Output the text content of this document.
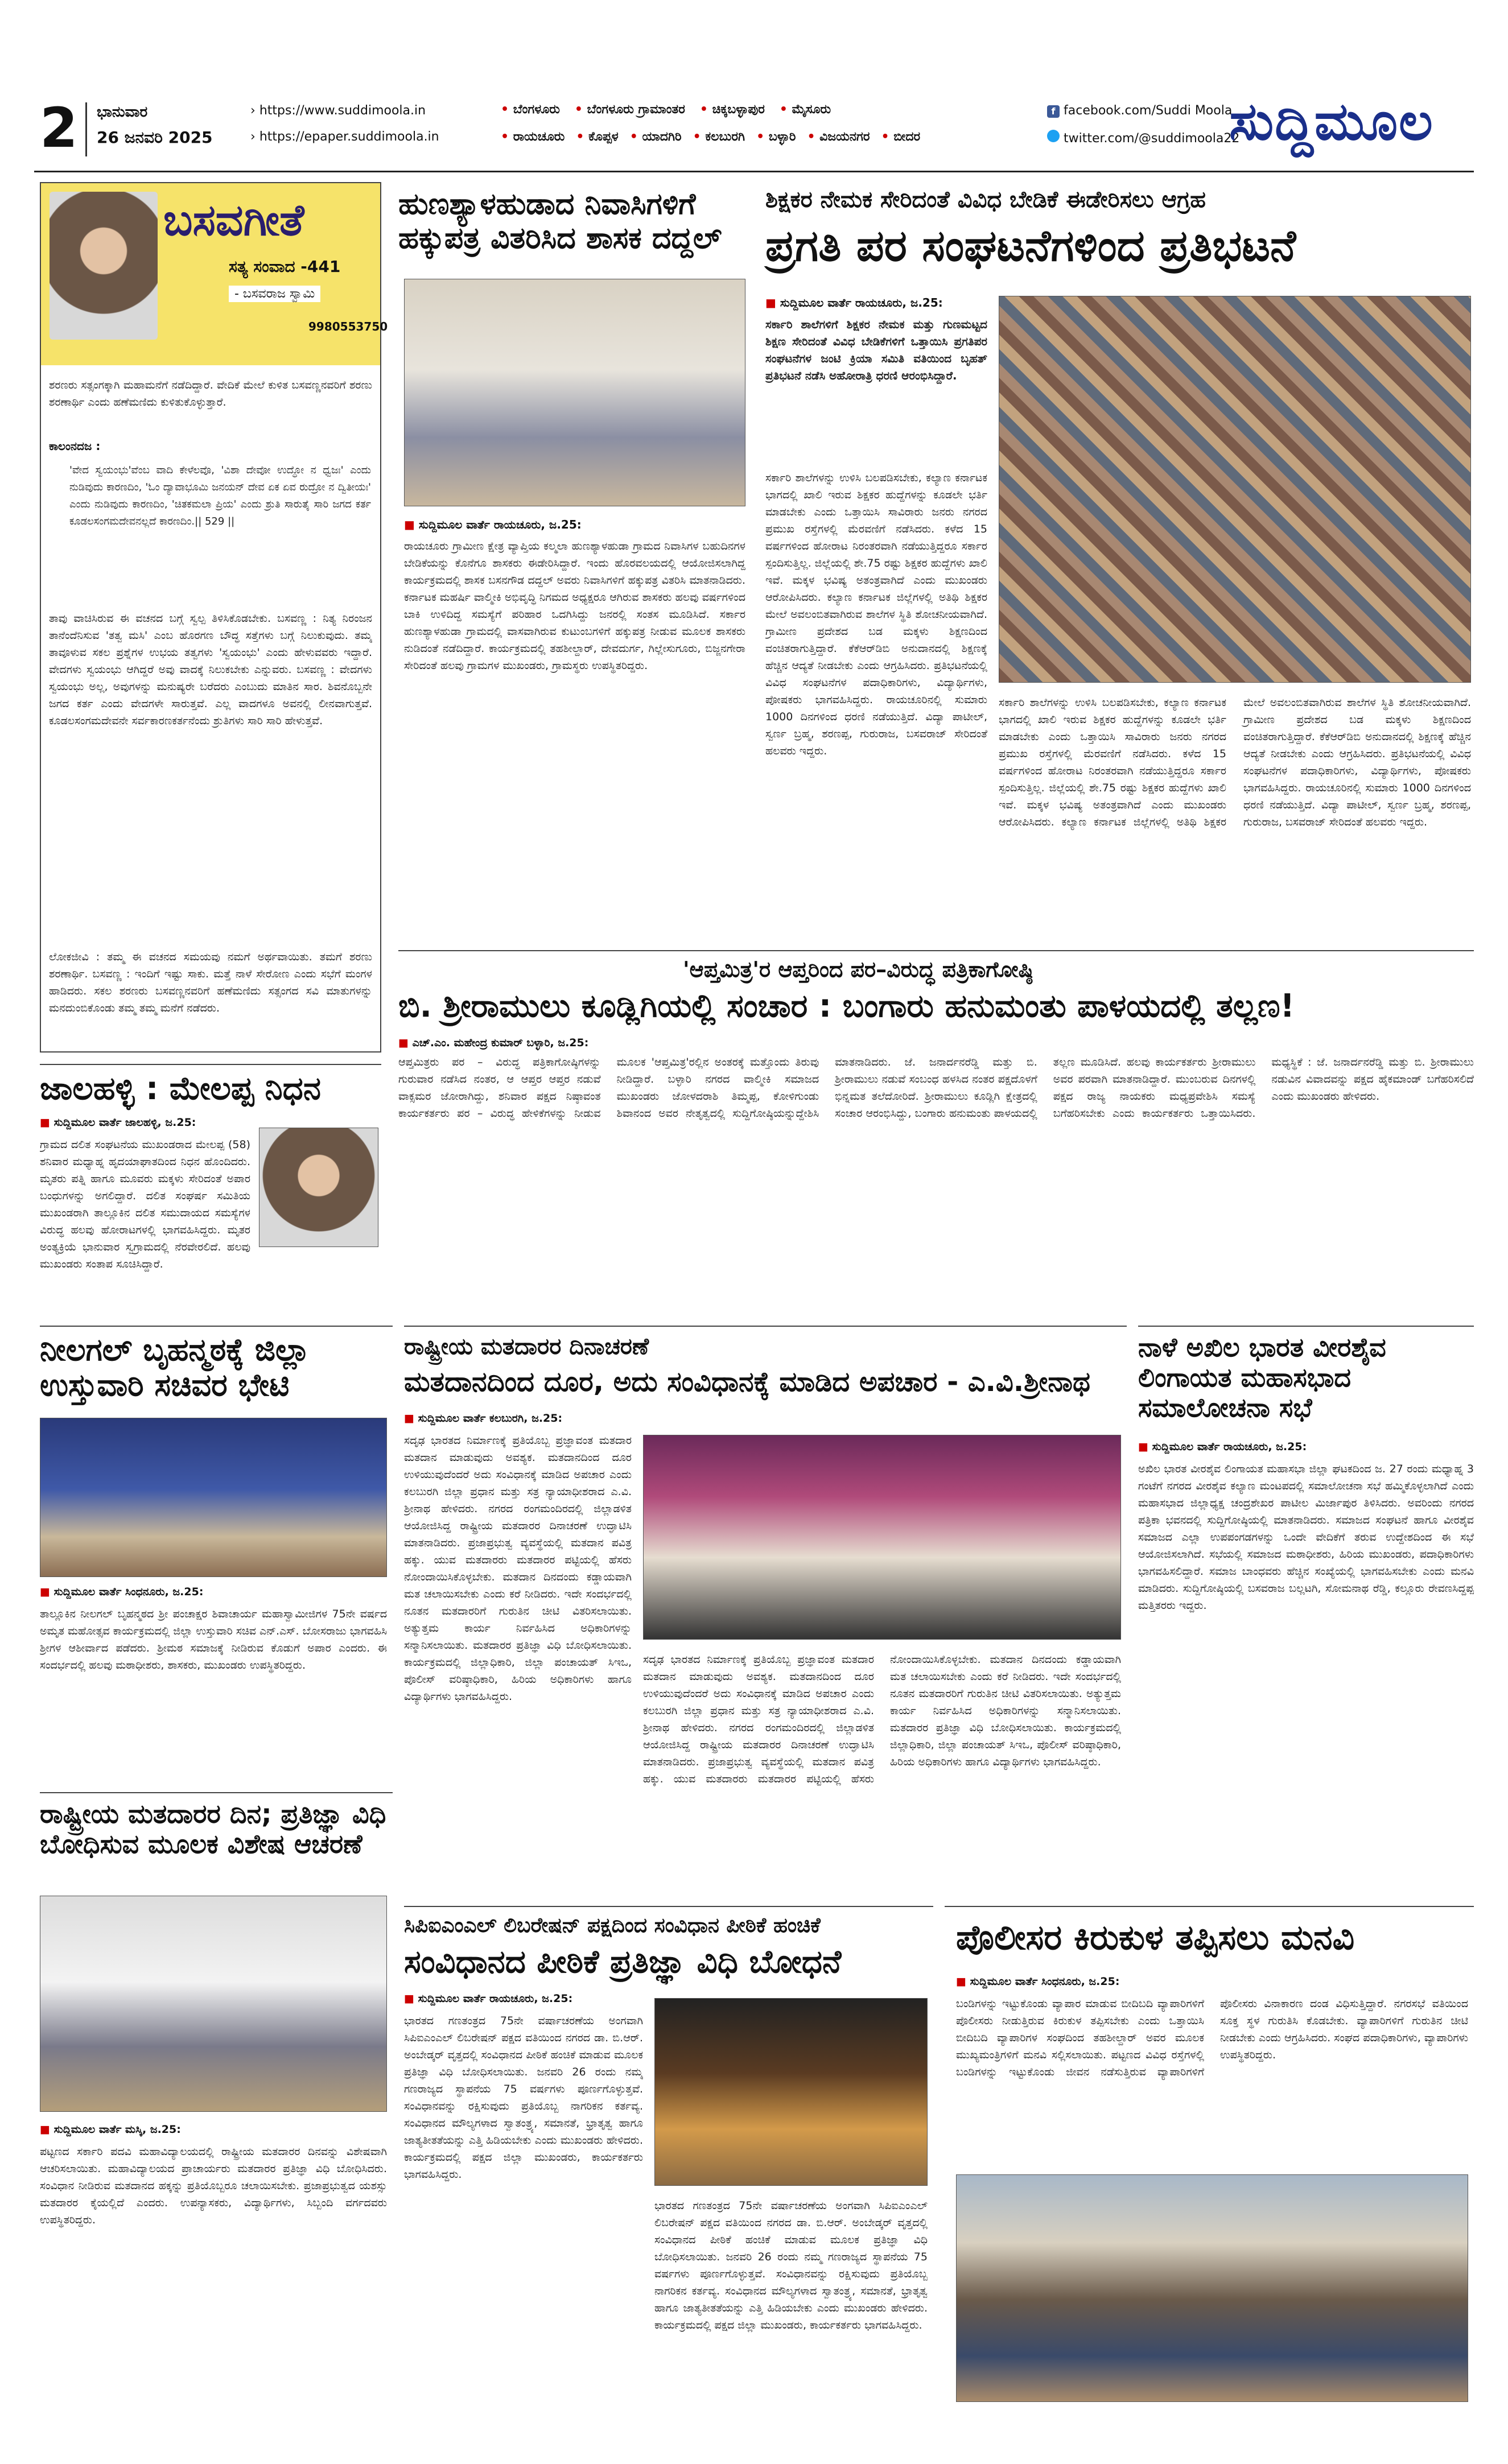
2 ಭಾನುವಾರ
26 ಜನವರಿ 2025
› https://www.suddimoola.in
› https://epaper.suddimoola.in
• ಬೆಂಗಳೂರು • ಬೆಂಗಳೂರು ಗ್ರಾಮಾಂತರ • ಚಿಕ್ಕಬಳ್ಳಾಪುರ • ಮೈಸೂರು
• ರಾಯಚೂರು • ಕೊಪ್ಪಳ • ಯಾದಗಿರಿ • ಕಲಬುರಗಿ • ಬಳ್ಳಾರಿ • ವಿಜಯನಗರ • ಬೀದರ
f facebook.com/Suddi Moola
twitter.com/@suddimoola22
ಸುದ್ದಿಮೂಲ
ಬಸವಗೀತೆ
ಸತ್ಯ ಸಂವಾದ -441
- ಬಸವರಾಜ ಸ್ವಾಮಿ
9980553750
ಶರಣರು ಸತ್ಸಂಗಕ್ಕಾಗಿ ಮಹಾಮನೆಗೆ ನಡೆದಿದ್ದಾರೆ. ವೇದಿಕೆ ಮೇಲೆ ಕುಳಿತ ಬಸವಣ್ಣನವರಿಗೆ ಶರಣು ಶರಣಾರ್ಥಿ ಎಂದು ಹಣೆಮಣಿದು ಕುಳಿತುಕೊಳ್ಳುತ್ತಾರೆ.
ಕಾಲಂನದಜ :
'ವೇದ ಸ್ವಯಂಭು'ವೆಂಬ ವಾದಿ ಕೇಳೆಲವೊ, 'ವಿಶಾ ದೇವೋ ಉದ್ಧೋ ನ ಧ್ವಜಃ' ಎಂದು ನುಡಿವುದು ಕಾರಣದಿಂ, 'ಓಂ ದ್ಯಾವಾಭೂಮಿ ಜನಯನ್ ದೇವ ಏಕ ಏವ ರುದ್ರೋ ನ ದ್ವಿತೀಯಃ' ಎಂದು ನುಡಿವುದು ಕಾರಣದಿಂ, 'ಚಿತಕಮಲಾ ಪ್ರಿಯ' ಎಂದು ಶ್ರುತಿ ಸಾರುತೈ ಸಾರಿ ಜಗದ ಕರ್ತ ಕೂಡಲಸಂಗಮದೇವನಲ್ಲದೆ ಕಾರಣದಿಂ.|| 529 ||
ತಾವು ವಾಚಿಸಿರುವ ಈ ವಚನದ ಬಗ್ಗೆ ಸ್ವಲ್ಪ ತಿಳಿಸಿಕೊಡಬೇಕು. ಬಸವಣ್ಣ : ನಿತ್ಯ ನಿರಂಜನ ತಾನೆಂದೆನಿಸುವ 'ತತ್ವ ಮಸಿ' ಎಂಬ ಹೊರಗಣ ಬೌದ್ಧ ಸತ್ತೆಗಳು ಬಗ್ಗೆ ನಿಲುಕುವುದು. ತಮ್ಮ ತಾವೂಳುವ ಸಕಲ ಪ್ರಶ್ನೆಗಳ ಉಭಯ ತತ್ವಗಳು 'ಸ್ವಯಂಭು' ಎಂದು ಹೇಳುವವರು ಇದ್ದಾರೆ. ವೇದಗಳು ಸ್ವಯಂಭು ಆಗಿದ್ದರೆ ಅವು ವಾದಕ್ಕೆ ನಿಲುಕಬೇಕು ಎನ್ನುವರು. ಬಸವಣ್ಣ : ವೇದಗಳು ಸ್ವಯಂಭು ಅಲ್ಲ, ಅವುಗಳನ್ನು ಮನುಷ್ಯರೇ ಬರೆದರು ಎಂಬುದು ಮಾತಿನ ಸಾರ. ಶಿವನೊಬ್ಬನೇ ಜಗದ ಕರ್ತ ಎಂದು ವೇದಗಳೇ ಸಾರುತ್ತವೆ. ಎಲ್ಲ ವಾದಗಳೂ ಅವನಲ್ಲಿ ಲೀನವಾಗುತ್ತವೆ. ಕೂಡಲಸಂಗಮದೇವನೇ ಸರ್ವಕಾರಣಕರ್ತನೆಂದು ಶ್ರುತಿಗಳು ಸಾರಿ ಸಾರಿ ಹೇಳುತ್ತವೆ.
ಲೋಕಜೀವಿ : ತಮ್ಮ ಈ ವಚನದ ಸಮಯವು ನಮಗೆ ಅರ್ಥವಾಯಿತು. ತಮಗೆ ಶರಣು ಶರಣಾರ್ಥಿ. ಬಸವಣ್ಣ : ಇಂದಿಗೆ ಇಷ್ಟು ಸಾಕು. ಮತ್ತೆ ನಾಳೆ ಸೇರೋಣ ಎಂದು ಸಭೆಗೆ ಮಂಗಳ ಹಾಡಿದರು. ಸಕಲ ಶರಣರು ಬಸವಣ್ಣನವರಿಗೆ ಹಣೆಮಣಿದು ಸತ್ಸಂಗದ ಸವಿ ಮಾತುಗಳನ್ನು ಮನದುಂಬಿಕೊಂಡು ತಮ್ಮ ತಮ್ಮ ಮನೆಗೆ ನಡೆದರು.
ಹುಣಶ್ಯಾಳಹುಡಾದ ನಿವಾಸಿಗಳಿಗೆ ಹಕ್ಕುಪತ್ರ ವಿತರಿಸಿದ ಶಾಸಕ ದದ್ದಲ್
■ ಸುದ್ದಿಮೂಲ ವಾರ್ತೆ ರಾಯಚೂರು, ಜ.25:
ರಾಯಚೂರು ಗ್ರಾಮೀಣ ಕ್ಷೇತ್ರ ವ್ಯಾಪ್ತಿಯ ಕಲ್ಮಲಾ ಹುಣಶ್ಯಾಳಹುಡಾ ಗ್ರಾಮದ ನಿವಾಸಿಗಳ ಬಹುದಿನಗಳ ಬೇಡಿಕೆಯನ್ನು ಕೊನೆಗೂ ಶಾಸಕರು ಈಡೇರಿಸಿದ್ದಾರೆ. ಇಂದು ಹೊರವಲಯದಲ್ಲಿ ಆಯೋಜಿಸಲಾಗಿದ್ದ ಕಾರ್ಯಕ್ರಮದಲ್ಲಿ ಶಾಸಕ ಬಸನಗೌಡ ದದ್ದಲ್ ಅವರು ನಿವಾಸಿಗಳಿಗೆ ಹಕ್ಕುಪತ್ರ ವಿತರಿಸಿ ಮಾತನಾಡಿದರು. ಕರ್ನಾಟಕ ಮಹರ್ಷಿ ವಾಲ್ಮೀಕಿ ಅಭಿವೃದ್ಧಿ ನಿಗಮದ ಅಧ್ಯಕ್ಷರೂ ಆಗಿರುವ ಶಾಸಕರು ಹಲವು ವರ್ಷಗಳಿಂದ ಬಾಕಿ ಉಳಿದಿದ್ದ ಸಮಸ್ಯೆಗೆ ಪರಿಹಾರ ಒದಗಿಸಿದ್ದು ಜನರಲ್ಲಿ ಸಂತಸ ಮೂಡಿಸಿದೆ. ಸರ್ಕಾರ ಹುಣಶ್ಯಾಳಹುಡಾ ಗ್ರಾಮದಲ್ಲಿ ವಾಸವಾಗಿರುವ ಕುಟುಂಬಗಳಿಗೆ ಹಕ್ಕುಪತ್ರ ನೀಡುವ ಮೂಲಕ ಶಾಸಕರು ನುಡಿದಂತೆ ನಡೆದಿದ್ದಾರೆ. ಕಾರ್ಯಕ್ರಮದಲ್ಲಿ ತಹಶೀಲ್ದಾರ್, ದೇವದುರ್ಗ, ಗಿಲ್ಲೇಸುಗೂರು, ಬಿಜ್ಜನಗೇರಾ ಸೇರಿದಂತೆ ಹಲವು ಗ್ರಾಮಗಳ ಮುಖಂಡರು, ಗ್ರಾಮಸ್ಥರು ಉಪಸ್ಥಿತರಿದ್ದರು.
ಶಿಕ್ಷಕರ ನೇಮಕ ಸೇರಿದಂತೆ ವಿವಿಧ ಬೇಡಿಕೆ ಈಡೇರಿಸಲು ಆಗ್ರಹ
ಪ್ರಗತಿ ಪರ ಸಂಘಟನೆಗಳಿಂದ ಪ್ರತಿಭಟನೆ
■ ಸುದ್ದಿಮೂಲ ವಾರ್ತೆ ರಾಯಚೂರು, ಜ.25:
ಸರ್ಕಾರಿ ಶಾಲೆಗಳಿಗೆ ಶಿಕ್ಷಕರ ನೇಮಕ ಮತ್ತು ಗುಣಮಟ್ಟದ ಶಿಕ್ಷಣ ಸೇರಿದಂತೆ ವಿವಿಧ ಬೇಡಿಕೆಗಳಿಗೆ ಒತ್ತಾಯಿಸಿ ಪ್ರಗತಿಪರ ಸಂಘಟನೆಗಳ ಜಂಟಿ ಕ್ರಿಯಾ ಸಮಿತಿ ವತಿಯಿಂದ ಬೃಹತ್ ಪ್ರತಿಭಟನೆ ನಡೆಸಿ ಅಹೋರಾತ್ರಿ ಧರಣಿ ಆರಂಭಿಸಿದ್ದಾರೆ.
ಸರ್ಕಾರಿ ಶಾಲೆಗಳನ್ನು ಉಳಿಸಿ ಬಲಪಡಿಸಬೇಕು, ಕಲ್ಯಾಣ ಕರ್ನಾಟಕ ಭಾಗದಲ್ಲಿ ಖಾಲಿ ಇರುವ ಶಿಕ್ಷಕರ ಹುದ್ದೆಗಳನ್ನು ಕೂಡಲೇ ಭರ್ತಿ ಮಾಡಬೇಕು ಎಂದು ಒತ್ತಾಯಿಸಿ ಸಾವಿರಾರು ಜನರು ನಗರದ ಪ್ರಮುಖ ರಸ್ತೆಗಳಲ್ಲಿ ಮೆರವಣಿಗೆ ನಡೆಸಿದರು. ಕಳೆದ 15 ವರ್ಷಗಳಿಂದ ಹೋರಾಟ ನಿರಂತರವಾಗಿ ನಡೆಯುತ್ತಿದ್ದರೂ ಸರ್ಕಾರ ಸ್ಪಂದಿಸುತ್ತಿಲ್ಲ. ಜಿಲ್ಲೆಯಲ್ಲಿ ಶೇ.75 ರಷ್ಟು ಶಿಕ್ಷಕರ ಹುದ್ದೆಗಳು ಖಾಲಿ ಇವೆ. ಮಕ್ಕಳ ಭವಿಷ್ಯ ಅತಂತ್ರವಾಗಿದೆ ಎಂದು ಮುಖಂಡರು ಆರೋಪಿಸಿದರು. ಕಲ್ಯಾಣ ಕರ್ನಾಟಕ ಜಿಲ್ಲೆಗಳಲ್ಲಿ ಅತಿಥಿ ಶಿಕ್ಷಕರ ಮೇಲೆ ಅವಲಂಬಿತವಾಗಿರುವ ಶಾಲೆಗಳ ಸ್ಥಿತಿ ಶೋಚನೀಯವಾಗಿದೆ. ಗ್ರಾಮೀಣ ಪ್ರದೇಶದ ಬಡ ಮಕ್ಕಳು ಶಿಕ್ಷಣದಿಂದ ವಂಚಿತರಾಗುತ್ತಿದ್ದಾರೆ. ಕೆಕೆಆರ್‌ಡಿಬಿ ಅನುದಾನದಲ್ಲಿ ಶಿಕ್ಷಣಕ್ಕೆ ಹೆಚ್ಚಿನ ಆದ್ಯತೆ ನೀಡಬೇಕು ಎಂದು ಆಗ್ರಹಿಸಿದರು. ಪ್ರತಿಭಟನೆಯಲ್ಲಿ ವಿವಿಧ ಸಂಘಟನೆಗಳ ಪದಾಧಿಕಾರಿಗಳು, ವಿದ್ಯಾರ್ಥಿಗಳು, ಪೋಷಕರು ಭಾಗವಹಿಸಿದ್ದರು. ರಾಯಚೂರಿನಲ್ಲಿ ಸುಮಾರು 1000 ದಿನಗಳಿಂದ ಧರಣಿ ನಡೆಯುತ್ತಿದೆ. ವಿದ್ಯಾ ಪಾಟೀಲ್, ಸ್ವರ್ಣ ಬ್ರಹ್ಮ, ಶರಣಪ್ಪ, ಗುರುರಾಜ, ಬಸವರಾಜ್ ಸೇರಿದಂತೆ ಹಲವರು ಇದ್ದರು.
ಸರ್ಕಾರಿ ಶಾಲೆಗಳನ್ನು ಉಳಿಸಿ ಬಲಪಡಿಸಬೇಕು, ಕಲ್ಯಾಣ ಕರ್ನಾಟಕ ಭಾಗದಲ್ಲಿ ಖಾಲಿ ಇರುವ ಶಿಕ್ಷಕರ ಹುದ್ದೆಗಳನ್ನು ಕೂಡಲೇ ಭರ್ತಿ ಮಾಡಬೇಕು ಎಂದು ಒತ್ತಾಯಿಸಿ ಸಾವಿರಾರು ಜನರು ನಗರದ ಪ್ರಮುಖ ರಸ್ತೆಗಳಲ್ಲಿ ಮೆರವಣಿಗೆ ನಡೆಸಿದರು. ಕಳೆದ 15 ವರ್ಷಗಳಿಂದ ಹೋರಾಟ ನಿರಂತರವಾಗಿ ನಡೆಯುತ್ತಿದ್ದರೂ ಸರ್ಕಾರ ಸ್ಪಂದಿಸುತ್ತಿಲ್ಲ. ಜಿಲ್ಲೆಯಲ್ಲಿ ಶೇ.75 ರಷ್ಟು ಶಿಕ್ಷಕರ ಹುದ್ದೆಗಳು ಖಾಲಿ ಇವೆ. ಮಕ್ಕಳ ಭವಿಷ್ಯ ಅತಂತ್ರವಾಗಿದೆ ಎಂದು ಮುಖಂಡರು ಆರೋಪಿಸಿದರು. ಕಲ್ಯಾಣ ಕರ್ನಾಟಕ ಜಿಲ್ಲೆಗಳಲ್ಲಿ ಅತಿಥಿ ಶಿಕ್ಷಕರ ಮೇಲೆ ಅವಲಂಬಿತವಾಗಿರುವ ಶಾಲೆಗಳ ಸ್ಥಿತಿ ಶೋಚನೀಯವಾಗಿದೆ. ಗ್ರಾಮೀಣ ಪ್ರದೇಶದ ಬಡ ಮಕ್ಕಳು ಶಿಕ್ಷಣದಿಂದ ವಂಚಿತರಾಗುತ್ತಿದ್ದಾರೆ. ಕೆಕೆಆರ್‌ಡಿಬಿ ಅನುದಾನದಲ್ಲಿ ಶಿಕ್ಷಣಕ್ಕೆ ಹೆಚ್ಚಿನ ಆದ್ಯತೆ ನೀಡಬೇಕು ಎಂದು ಆಗ್ರಹಿಸಿದರು. ಪ್ರತಿಭಟನೆಯಲ್ಲಿ ವಿವಿಧ ಸಂಘಟನೆಗಳ ಪದಾಧಿಕಾರಿಗಳು, ವಿದ್ಯಾರ್ಥಿಗಳು, ಪೋಷಕರು ಭಾಗವಹಿಸಿದ್ದರು. ರಾಯಚೂರಿನಲ್ಲಿ ಸುಮಾರು 1000 ದಿನಗಳಿಂದ ಧರಣಿ ನಡೆಯುತ್ತಿದೆ. ವಿದ್ಯಾ ಪಾಟೀಲ್, ಸ್ವರ್ಣ ಬ್ರಹ್ಮ, ಶರಣಪ್ಪ, ಗುರುರಾಜ, ಬಸವರಾಜ್ ಸೇರಿದಂತೆ ಹಲವರು ಇದ್ದರು.
ಜಾಲಹಳ್ಳಿ : ಮೇಲಪ್ಪ ನಿಧನ
■ ಸುದ್ದಿಮೂಲ ವಾರ್ತೆ ಜಾಲಹಳ್ಳಿ, ಜ.25:
ಗ್ರಾಮದ ದಲಿತ ಸಂಘಟನೆಯ ಮುಖಂಡರಾದ ಮೇಲಪ್ಪ (58) ಶನಿವಾರ ಮಧ್ಯಾಹ್ನ ಹೃದಯಾಘಾತದಿಂದ ನಿಧನ ಹೊಂದಿದರು. ಮೃತರು ಪತ್ನಿ ಹಾಗೂ ಮೂವರು ಮಕ್ಕಳು ಸೇರಿದಂತೆ ಅಪಾರ ಬಂಧುಗಳನ್ನು ಅಗಲಿದ್ದಾರೆ. ದಲಿತ ಸಂಘರ್ಷ ಸಮಿತಿಯ ಮುಖಂಡರಾಗಿ ತಾಲ್ಲೂಕಿನ ದಲಿತ ಸಮುದಾಯದ ಸಮಸ್ಯೆಗಳ ವಿರುದ್ಧ ಹಲವು ಹೋರಾಟಗಳಲ್ಲಿ ಭಾಗವಹಿಸಿದ್ದರು. ಮೃತರ ಅಂತ್ಯಕ್ರಿಯೆ ಭಾನುವಾರ ಸ್ವಗ್ರಾಮದಲ್ಲಿ ನೆರವೇರಲಿದೆ. ಹಲವು ಮುಖಂಡರು ಸಂತಾಪ ಸೂಚಿಸಿದ್ದಾರೆ.
'ಆಪ್ತಮಿತ್ರ'ರ ಆಪ್ತರಿಂದ ಪರ–ವಿರುದ್ಧ ಪತ್ರಿಕಾಗೋಷ್ಠಿ
ಬಿ. ಶ್ರೀರಾಮುಲು ಕೂಡ್ಲಿಗಿಯಲ್ಲಿ ಸಂಚಾರ : ಬಂಗಾರು ಹನುಮಂತು ಪಾಳಯದಲ್ಲಿ ತಲ್ಲಣ!
■ ಎಚ್.ಎಂ. ಮಹೇಂದ್ರ ಕುಮಾರ್ ಬಳ್ಳಾರಿ, ಜ.25:
ಆಪ್ತಮಿತ್ರರು ಪರ – ವಿರುದ್ಧ ಪತ್ರಿಕಾಗೋಷ್ಠಿಗಳನ್ನು ಗುರುವಾರ ನಡೆಸಿದ ನಂತರ, ಆ ಆಪ್ತರ ಆಪ್ತರ ನಡುವೆ ವಾಕ್ಸಮರ ಜೋರಾಗಿದ್ದು, ಶನಿವಾರ ಪಕ್ಷದ ನಿಷ್ಠಾವಂತ ಕಾರ್ಯಕರ್ತರು ಪರ – ವಿರುದ್ಧ ಹೇಳಿಕೆಗಳನ್ನು ನೀಡುವ ಮೂಲಕ 'ಆಪ್ತಮಿತ್ರ'ರಲ್ಲಿನ ಅಂತರಕ್ಕೆ ಮತ್ತೊಂದು ತಿರುವು ನೀಡಿದ್ದಾರೆ. ಬಳ್ಳಾರಿ ನಗರದ ವಾಲ್ಮೀಕಿ ಸಮಾಜದ ಮುಖಂಡರು ಜೋಳದರಾಶಿ ತಿಮ್ಮಪ್ಪ, ಕೋಳಿಗುಂಡು ಶಿವಾನಂದ ಅವರ ನೇತೃತ್ವದಲ್ಲಿ ಸುದ್ದಿಗೋಷ್ಠಿಯನ್ನುದ್ದೇಶಿಸಿ ಮಾತನಾಡಿದರು. ಜೆ. ಜನಾರ್ದನರೆಡ್ಡಿ ಮತ್ತು ಬಿ. ಶ್ರೀರಾಮುಲು ನಡುವೆ ಸಂಬಂಧ ಹಳಸಿದ ನಂತರ ಪಕ್ಷದೊಳಗೆ ಭಿನ್ನಮತ ತಲೆದೋರಿದೆ. ಶ್ರೀರಾಮುಲು ಕೂಡ್ಲಿಗಿ ಕ್ಷೇತ್ರದಲ್ಲಿ ಸಂಚಾರ ಆರಂಭಿಸಿದ್ದು, ಬಂಗಾರು ಹನುಮಂತು ಪಾಳಯದಲ್ಲಿ ತಲ್ಲಣ ಮೂಡಿಸಿದೆ. ಹಲವು ಕಾರ್ಯಕರ್ತರು ಶ್ರೀರಾಮುಲು ಅವರ ಪರವಾಗಿ ಮಾತನಾಡಿದ್ದಾರೆ. ಮುಂಬರುವ ದಿನಗಳಲ್ಲಿ ಪಕ್ಷದ ರಾಜ್ಯ ನಾಯಕರು ಮಧ್ಯಪ್ರವೇಶಿಸಿ ಸಮಸ್ಯೆ ಬಗೆಹರಿಸಬೇಕು ಎಂದು ಕಾರ್ಯಕರ್ತರು ಒತ್ತಾಯಿಸಿದರು. ಮಧ್ಯಸ್ಥಿಕೆ : ಜೆ. ಜನಾರ್ದನರೆಡ್ಡಿ ಮತ್ತು ಬಿ. ಶ್ರೀರಾಮುಲು ನಡುವಿನ ವಿವಾದವನ್ನು ಪಕ್ಷದ ಹೈಕಮಾಂಡ್ ಬಗೆಹರಿಸಲಿದೆ ಎಂದು ಮುಖಂಡರು ಹೇಳಿದರು.
ನೀಲಗಲ್ ಬೃಹನ್ಮಠಕ್ಕೆ ಜಿಲ್ಲಾ ಉಸ್ತುವಾರಿ ಸಚಿವರ ಭೇಟಿ
■ ಸುದ್ದಿಮೂಲ ವಾರ್ತೆ ಸಿಂಧನೂರು, ಜ.25:
ತಾಲ್ಲೂಕಿನ ನೀಲಗಲ್ ಬೃಹನ್ಮಠದ ಶ್ರೀ ಪಂಚಾಕ್ಷರ ಶಿವಾಚಾರ್ಯ ಮಹಾಸ್ವಾಮೀಜಿಗಳ 75ನೇ ವರ್ಷದ ಅಮೃತ ಮಹೋತ್ಸವ ಕಾರ್ಯಕ್ರಮದಲ್ಲಿ ಜಿಲ್ಲಾ ಉಸ್ತುವಾರಿ ಸಚಿವ ಎನ್.ಎಸ್. ಬೋಸರಾಜು ಭಾಗವಹಿಸಿ ಶ್ರೀಗಳ ಆಶೀರ್ವಾದ ಪಡೆದರು. ಶ್ರೀಮಠ ಸಮಾಜಕ್ಕೆ ನೀಡಿರುವ ಕೊಡುಗೆ ಅಪಾರ ಎಂದರು. ಈ ಸಂದರ್ಭದಲ್ಲಿ ಹಲವು ಮಠಾಧೀಶರು, ಶಾಸಕರು, ಮುಖಂಡರು ಉಪಸ್ಥಿತರಿದ್ದರು.
ರಾಷ್ಟ್ರೀಯ ಮತದಾರರ ದಿನಾಚರಣೆ
ಮತದಾನದಿಂದ ದೂರ, ಅದು ಸಂವಿಧಾನಕ್ಕೆ ಮಾಡಿದ ಅಪಚಾರ - ಎ.ವಿ.ಶ್ರೀನಾಥ
■ ಸುದ್ದಿಮೂಲ ವಾರ್ತೆ ಕಲಬುರಗಿ, ಜ.25:
ಸದೃಢ ಭಾರತದ ನಿರ್ಮಾಣಕ್ಕೆ ಪ್ರತಿಯೊಬ್ಬ ಪ್ರಜ್ಞಾವಂತ ಮತದಾರ ಮತದಾನ ಮಾಡುವುದು ಅವಶ್ಯಕ. ಮತದಾನದಿಂದ ದೂರ ಉಳಿಯುವುದೆಂದರೆ ಅದು ಸಂವಿಧಾನಕ್ಕೆ ಮಾಡಿದ ಅಪಚಾರ ಎಂದು ಕಲಬುರಗಿ ಜಿಲ್ಲಾ ಪ್ರಧಾನ ಮತ್ತು ಸತ್ರ ನ್ಯಾಯಾಧೀಶರಾದ ಎ.ವಿ. ಶ್ರೀನಾಥ ಹೇಳಿದರು. ನಗರದ ರಂಗಮಂದಿರದಲ್ಲಿ ಜಿಲ್ಲಾಡಳಿತ ಆಯೋಜಿಸಿದ್ದ ರಾಷ್ಟ್ರೀಯ ಮತದಾರರ ದಿನಾಚರಣೆ ಉದ್ಘಾಟಿಸಿ ಮಾತನಾಡಿದರು. ಪ್ರಜಾಪ್ರಭುತ್ವ ವ್ಯವಸ್ಥೆಯಲ್ಲಿ ಮತದಾನ ಪವಿತ್ರ ಹಕ್ಕು. ಯುವ ಮತದಾರರು ಮತದಾರರ ಪಟ್ಟಿಯಲ್ಲಿ ಹೆಸರು ನೋಂದಾಯಿಸಿಕೊಳ್ಳಬೇಕು. ಮತದಾನ ದಿನದಂದು ಕಡ್ಡಾಯವಾಗಿ ಮತ ಚಲಾಯಿಸಬೇಕು ಎಂದು ಕರೆ ನೀಡಿದರು. ಇದೇ ಸಂದರ್ಭದಲ್ಲಿ ನೂತನ ಮತದಾರರಿಗೆ ಗುರುತಿನ ಚೀಟಿ ವಿತರಿಸಲಾಯಿತು. ಅತ್ಯುತ್ತಮ ಕಾರ್ಯ ನಿರ್ವಹಿಸಿದ ಅಧಿಕಾರಿಗಳನ್ನು ಸನ್ಮಾನಿಸಲಾಯಿತು. ಮತದಾರರ ಪ್ರತಿಜ್ಞಾ ವಿಧಿ ಬೋಧಿಸಲಾಯಿತು. ಕಾರ್ಯಕ್ರಮದಲ್ಲಿ ಜಿಲ್ಲಾಧಿಕಾರಿ, ಜಿಲ್ಲಾ ಪಂಚಾಯತ್ ಸಿಇಒ, ಪೊಲೀಸ್ ವರಿಷ್ಠಾಧಿಕಾರಿ, ಹಿರಿಯ ಅಧಿಕಾರಿಗಳು ಹಾಗೂ ವಿದ್ಯಾರ್ಥಿಗಳು ಭಾಗವಹಿಸಿದ್ದರು.
ಸದೃಢ ಭಾರತದ ನಿರ್ಮಾಣಕ್ಕೆ ಪ್ರತಿಯೊಬ್ಬ ಪ್ರಜ್ಞಾವಂತ ಮತದಾರ ಮತದಾನ ಮಾಡುವುದು ಅವಶ್ಯಕ. ಮತದಾನದಿಂದ ದೂರ ಉಳಿಯುವುದೆಂದರೆ ಅದು ಸಂವಿಧಾನಕ್ಕೆ ಮಾಡಿದ ಅಪಚಾರ ಎಂದು ಕಲಬುರಗಿ ಜಿಲ್ಲಾ ಪ್ರಧಾನ ಮತ್ತು ಸತ್ರ ನ್ಯಾಯಾಧೀಶರಾದ ಎ.ವಿ. ಶ್ರೀನಾಥ ಹೇಳಿದರು. ನಗರದ ರಂಗಮಂದಿರದಲ್ಲಿ ಜಿಲ್ಲಾಡಳಿತ ಆಯೋಜಿಸಿದ್ದ ರಾಷ್ಟ್ರೀಯ ಮತದಾರರ ದಿನಾಚರಣೆ ಉದ್ಘಾಟಿಸಿ ಮಾತನಾಡಿದರು. ಪ್ರಜಾಪ್ರಭುತ್ವ ವ್ಯವಸ್ಥೆಯಲ್ಲಿ ಮತದಾನ ಪವಿತ್ರ ಹಕ್ಕು. ಯುವ ಮತದಾರರು ಮತದಾರರ ಪಟ್ಟಿಯಲ್ಲಿ ಹೆಸರು ನೋಂದಾಯಿಸಿಕೊಳ್ಳಬೇಕು. ಮತದಾನ ದಿನದಂದು ಕಡ್ಡಾಯವಾಗಿ ಮತ ಚಲಾಯಿಸಬೇಕು ಎಂದು ಕರೆ ನೀಡಿದರು. ಇದೇ ಸಂದರ್ಭದಲ್ಲಿ ನೂತನ ಮತದಾರರಿಗೆ ಗುರುತಿನ ಚೀಟಿ ವಿತರಿಸಲಾಯಿತು. ಅತ್ಯುತ್ತಮ ಕಾರ್ಯ ನಿರ್ವಹಿಸಿದ ಅಧಿಕಾರಿಗಳನ್ನು ಸನ್ಮಾನಿಸಲಾಯಿತು. ಮತದಾರರ ಪ್ರತಿಜ್ಞಾ ವಿಧಿ ಬೋಧಿಸಲಾಯಿತು. ಕಾರ್ಯಕ್ರಮದಲ್ಲಿ ಜಿಲ್ಲಾಧಿಕಾರಿ, ಜಿಲ್ಲಾ ಪಂಚಾಯತ್ ಸಿಇಒ, ಪೊಲೀಸ್ ವರಿಷ್ಠಾಧಿಕಾರಿ, ಹಿರಿಯ ಅಧಿಕಾರಿಗಳು ಹಾಗೂ ವಿದ್ಯಾರ್ಥಿಗಳು ಭಾಗವಹಿಸಿದ್ದರು.
ನಾಳೆ ಅಖಿಲ ಭಾರತ ವೀರಶೈವ ಲಿಂಗಾಯತ ಮಹಾಸಭಾದ ಸಮಾಲೋಚನಾ ಸಭೆ
■ ಸುದ್ದಿಮೂಲ ವಾರ್ತೆ ರಾಯಚೂರು, ಜ.25:
ಅಖಿಲ ಭಾರತ ವೀರಶೈವ ಲಿಂಗಾಯತ ಮಹಾಸಭಾ ಜಿಲ್ಲಾ ಘಟಕದಿಂದ ಜ. 27 ರಂದು ಮಧ್ಯಾಹ್ನ 3 ಗಂಟೆಗೆ ನಗರದ ವೀರಶೈವ ಕಲ್ಯಾಣ ಮಂಟಪದಲ್ಲಿ ಸಮಾಲೋಚನಾ ಸಭೆ ಹಮ್ಮಿಕೊಳ್ಳಲಾಗಿದೆ ಎಂದು ಮಹಾಸಭಾದ ಜಿಲ್ಲಾಧ್ಯಕ್ಷ ಚಂದ್ರಶೇಖರ ಪಾಟೀಲ ಮಿರ್ಜಾಪುರ ತಿಳಿಸಿದರು. ಅವರಿಂದು ನಗರದ ಪತ್ರಿಕಾ ಭವನದಲ್ಲಿ ಸುದ್ದಿಗೋಷ್ಠಿಯಲ್ಲಿ ಮಾತನಾಡಿದರು. ಸಮಾಜದ ಸಂಘಟನೆ ಹಾಗೂ ವೀರಶೈವ ಸಮಾಜದ ಎಲ್ಲಾ ಉಪಪಂಗಡಗಳನ್ನು ಒಂದೇ ವೇದಿಕೆಗೆ ತರುವ ಉದ್ದೇಶದಿಂದ ಈ ಸಭೆ ಆಯೋಜಿಸಲಾಗಿದೆ. ಸಭೆಯಲ್ಲಿ ಸಮಾಜದ ಮಠಾಧೀಶರು, ಹಿರಿಯ ಮುಖಂಡರು, ಪದಾಧಿಕಾರಿಗಳು ಭಾಗವಹಿಸಲಿದ್ದಾರೆ. ಸಮಾಜ ಬಾಂಧವರು ಹೆಚ್ಚಿನ ಸಂಖ್ಯೆಯಲ್ಲಿ ಭಾಗವಹಿಸಬೇಕು ಎಂದು ಮನವಿ ಮಾಡಿದರು. ಸುದ್ದಿಗೋಷ್ಠಿಯಲ್ಲಿ ಬಸವರಾಜ ಬಲ್ಲಟಗಿ, ಸೋಮನಾಥ ರೆಡ್ಡಿ, ಕಲ್ಲೂರು ರೇವಣಸಿದ್ದಪ್ಪ ಮತ್ತಿತರರು ಇದ್ದರು.
ರಾಷ್ಟ್ರೀಯ ಮತದಾರರ ದಿನ; ಪ್ರತಿಜ್ಞಾ ವಿಧಿ ಬೋಧಿಸುವ ಮೂಲಕ ವಿಶೇಷ ಆಚರಣೆ
■ ಸುದ್ದಿಮೂಲ ವಾರ್ತೆ ಮಸ್ಕಿ, ಜ.25:
ಪಟ್ಟಣದ ಸರ್ಕಾರಿ ಪದವಿ ಮಹಾವಿದ್ಯಾಲಯದಲ್ಲಿ ರಾಷ್ಟ್ರೀಯ ಮತದಾರರ ದಿನವನ್ನು ವಿಶೇಷವಾಗಿ ಆಚರಿಸಲಾಯಿತು. ಮಹಾವಿದ್ಯಾಲಯದ ಪ್ರಾಚಾರ್ಯರು ಮತದಾರರ ಪ್ರತಿಜ್ಞಾ ವಿಧಿ ಬೋಧಿಸಿದರು. ಸಂವಿಧಾನ ನೀಡಿರುವ ಮತದಾನದ ಹಕ್ಕನ್ನು ಪ್ರತಿಯೊಬ್ಬರೂ ಚಲಾಯಿಸಬೇಕು. ಪ್ರಜಾಪ್ರಭುತ್ವದ ಯಶಸ್ಸು ಮತದಾರರ ಕೈಯಲ್ಲಿದೆ ಎಂದರು. ಉಪನ್ಯಾಸಕರು, ವಿದ್ಯಾರ್ಥಿಗಳು, ಸಿಬ್ಬಂದಿ ವರ್ಗದವರು ಉಪಸ್ಥಿತರಿದ್ದರು.
ಸಿಪಿಐಎಂಎಲ್ ಲಿಬರೇಷನ್ ಪಕ್ಷದಿಂದ ಸಂವಿಧಾನ ಪೀಠಿಕೆ ಹಂಚಿಕೆ
ಸಂವಿಧಾನದ ಪೀಠಿಕೆ ಪ್ರತಿಜ್ಞಾ ವಿಧಿ ಬೋಧನೆ
■ ಸುದ್ದಿಮೂಲ ವಾರ್ತೆ ರಾಯಚೂರು, ಜ.25:
ಭಾರತದ ಗಣತಂತ್ರದ 75ನೇ ವರ್ಷಾಚರಣೆಯ ಅಂಗವಾಗಿ ಸಿಪಿಐಎಂಎಲ್ ಲಿಬರೇಷನ್ ಪಕ್ಷದ ವತಿಯಿಂದ ನಗರದ ಡಾ. ಬಿ.ಆರ್. ಅಂಬೇಡ್ಕರ್ ವೃತ್ತದಲ್ಲಿ ಸಂವಿಧಾನದ ಪೀಠಿಕೆ ಹಂಚಿಕೆ ಮಾಡುವ ಮೂಲಕ ಪ್ರತಿಜ್ಞಾ ವಿಧಿ ಬೋಧಿಸಲಾಯಿತು. ಜನವರಿ 26 ರಂದು ನಮ್ಮ ಗಣರಾಜ್ಯದ ಸ್ಥಾಪನೆಯ 75 ವರ್ಷಗಳು ಪೂರ್ಣಗೊಳ್ಳುತ್ತವೆ. ಸಂವಿಧಾನವನ್ನು ರಕ್ಷಿಸುವುದು ಪ್ರತಿಯೊಬ್ಬ ನಾಗರಿಕನ ಕರ್ತವ್ಯ. ಸಂವಿಧಾನದ ಮೌಲ್ಯಗಳಾದ ಸ್ವಾತಂತ್ರ್ಯ, ಸಮಾನತೆ, ಭ್ರಾತೃತ್ವ ಹಾಗೂ ಜಾತ್ಯತೀತತೆಯನ್ನು ಎತ್ತಿ ಹಿಡಿಯಬೇಕು ಎಂದು ಮುಖಂಡರು ಹೇಳಿದರು. ಕಾರ್ಯಕ್ರಮದಲ್ಲಿ ಪಕ್ಷದ ಜಿಲ್ಲಾ ಮುಖಂಡರು, ಕಾರ್ಯಕರ್ತರು ಭಾಗವಹಿಸಿದ್ದರು.
ಭಾರತದ ಗಣತಂತ್ರದ 75ನೇ ವರ್ಷಾಚರಣೆಯ ಅಂಗವಾಗಿ ಸಿಪಿಐಎಂಎಲ್ ಲಿಬರೇಷನ್ ಪಕ್ಷದ ವತಿಯಿಂದ ನಗರದ ಡಾ. ಬಿ.ಆರ್. ಅಂಬೇಡ್ಕರ್ ವೃತ್ತದಲ್ಲಿ ಸಂವಿಧಾನದ ಪೀಠಿಕೆ ಹಂಚಿಕೆ ಮಾಡುವ ಮೂಲಕ ಪ್ರತಿಜ್ಞಾ ವಿಧಿ ಬೋಧಿಸಲಾಯಿತು. ಜನವರಿ 26 ರಂದು ನಮ್ಮ ಗಣರಾಜ್ಯದ ಸ್ಥಾಪನೆಯ 75 ವರ್ಷಗಳು ಪೂರ್ಣಗೊಳ್ಳುತ್ತವೆ. ಸಂವಿಧಾನವನ್ನು ರಕ್ಷಿಸುವುದು ಪ್ರತಿಯೊಬ್ಬ ನಾಗರಿಕನ ಕರ್ತವ್ಯ. ಸಂವಿಧಾನದ ಮೌಲ್ಯಗಳಾದ ಸ್ವಾತಂತ್ರ್ಯ, ಸಮಾನತೆ, ಭ್ರಾತೃತ್ವ ಹಾಗೂ ಜಾತ್ಯತೀತತೆಯನ್ನು ಎತ್ತಿ ಹಿಡಿಯಬೇಕು ಎಂದು ಮುಖಂಡರು ಹೇಳಿದರು. ಕಾರ್ಯಕ್ರಮದಲ್ಲಿ ಪಕ್ಷದ ಜಿಲ್ಲಾ ಮುಖಂಡರು, ಕಾರ್ಯಕರ್ತರು ಭಾಗವಹಿಸಿದ್ದರು.
ಪೊಲೀಸರ ಕಿರುಕುಳ ತಪ್ಪಿಸಲು ಮನವಿ
■ ಸುದ್ದಿಮೂಲ ವಾರ್ತೆ ಸಿಂಧನೂರು, ಜ.25:
ಬಂಡಿಗಳನ್ನು ಇಟ್ಟುಕೊಂಡು ವ್ಯಾಪಾರ ಮಾಡುವ ಬೀದಿಬದಿ ವ್ಯಾಪಾರಿಗಳಿಗೆ ಪೊಲೀಸರು ನೀಡುತ್ತಿರುವ ಕಿರುಕುಳ ತಪ್ಪಿಸಬೇಕು ಎಂದು ಒತ್ತಾಯಿಸಿ ಬೀದಿಬದಿ ವ್ಯಾಪಾರಿಗಳ ಸಂಘದಿಂದ ತಹಶೀಲ್ದಾರ್ ಅವರ ಮೂಲಕ ಮುಖ್ಯಮಂತ್ರಿಗಳಿಗೆ ಮನವಿ ಸಲ್ಲಿಸಲಾಯಿತು. ಪಟ್ಟಣದ ವಿವಿಧ ರಸ್ತೆಗಳಲ್ಲಿ ಬಂಡಿಗಳನ್ನು ಇಟ್ಟುಕೊಂಡು ಜೀವನ ನಡೆಸುತ್ತಿರುವ ವ್ಯಾಪಾರಿಗಳಿಗೆ ಪೊಲೀಸರು ವಿನಾಕಾರಣ ದಂಡ ವಿಧಿಸುತ್ತಿದ್ದಾರೆ. ನಗರಸಭೆ ವತಿಯಿಂದ ಸೂಕ್ತ ಸ್ಥಳ ಗುರುತಿಸಿ ಕೊಡಬೇಕು. ವ್ಯಾಪಾರಿಗಳಿಗೆ ಗುರುತಿನ ಚೀಟಿ ನೀಡಬೇಕು ಎಂದು ಆಗ್ರಹಿಸಿದರು. ಸಂಘದ ಪದಾಧಿಕಾರಿಗಳು, ವ್ಯಾಪಾರಿಗಳು ಉಪಸ್ಥಿತರಿದ್ದರು.
